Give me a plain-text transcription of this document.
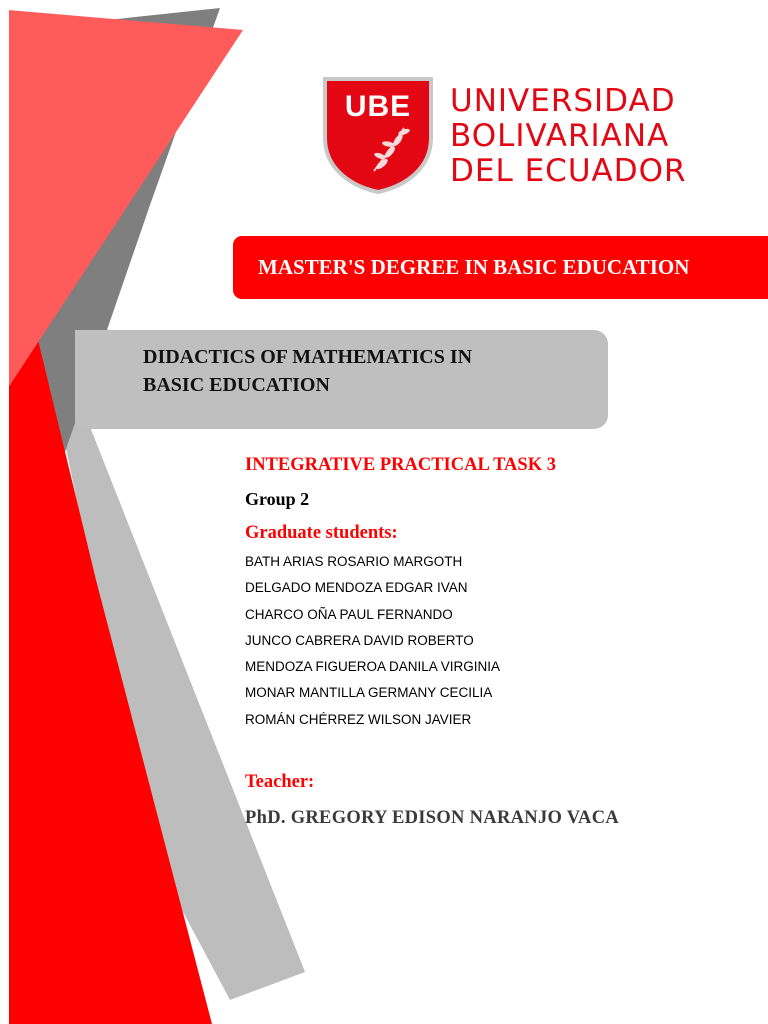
UBE	UNIVERSIDAD
BOLIVARIANA
DEL ECUADOR
MASTER'S DEGREE IN BASIC EDUCATION
DIDACTICS OF MATHEMATICS IN
BASIC EDUCATION
INTEGRATIVE PRACTICAL TASK 3
Group 2
Graduate students:
BATH ARIAS ROSARIO MARGOTH
DELGADO MENDOZA EDGAR IVAN
CHARCO OÑA PAUL FERNANDO
JUNCO CABRERA DAVID ROBERTO
MENDOZA FIGUEROA DANILA VIRGINIA
MONAR MANTILLA GERMANY CECILIA
ROMÁN CHÉRREZ WILSON JAVIER
Teacher:
PhD. GREGORY EDISON NARANJO VACA
